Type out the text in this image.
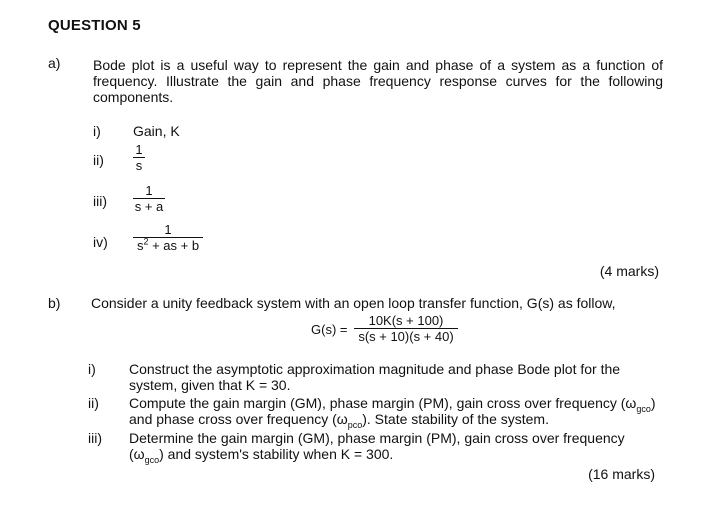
QUESTION 5
a) Bode plot is a useful way to represent the gain and phase of a system as a function of frequency. Illustrate the gain and phase frequency response curves for the following components.
i) Gain, K
ii)
1
s
iii)
1
s + a
iv)
1
$s^2$ + as + b
(4 marks)
b) Consider a unity feedback system with an open loop transfer function, G(s) as follow,
G(s) =
10K(s + 100)
s(s + 10)(s + 40)
i) Construct the asymptotic approximation magnitude and phase Bode plot for the system, given that K = 30.
ii) Compute the gain margin (GM), phase margin (PM), gain cross over frequency $(\omega_{gco})$ and phase cross over frequency $(\omega_{pco})$. State stability of the system.
iii) Determine the gain margin (GM), phase margin (PM), gain cross over frequency $(\omega_{gco})$ and system's stability when K = 300.
(16 marks)
